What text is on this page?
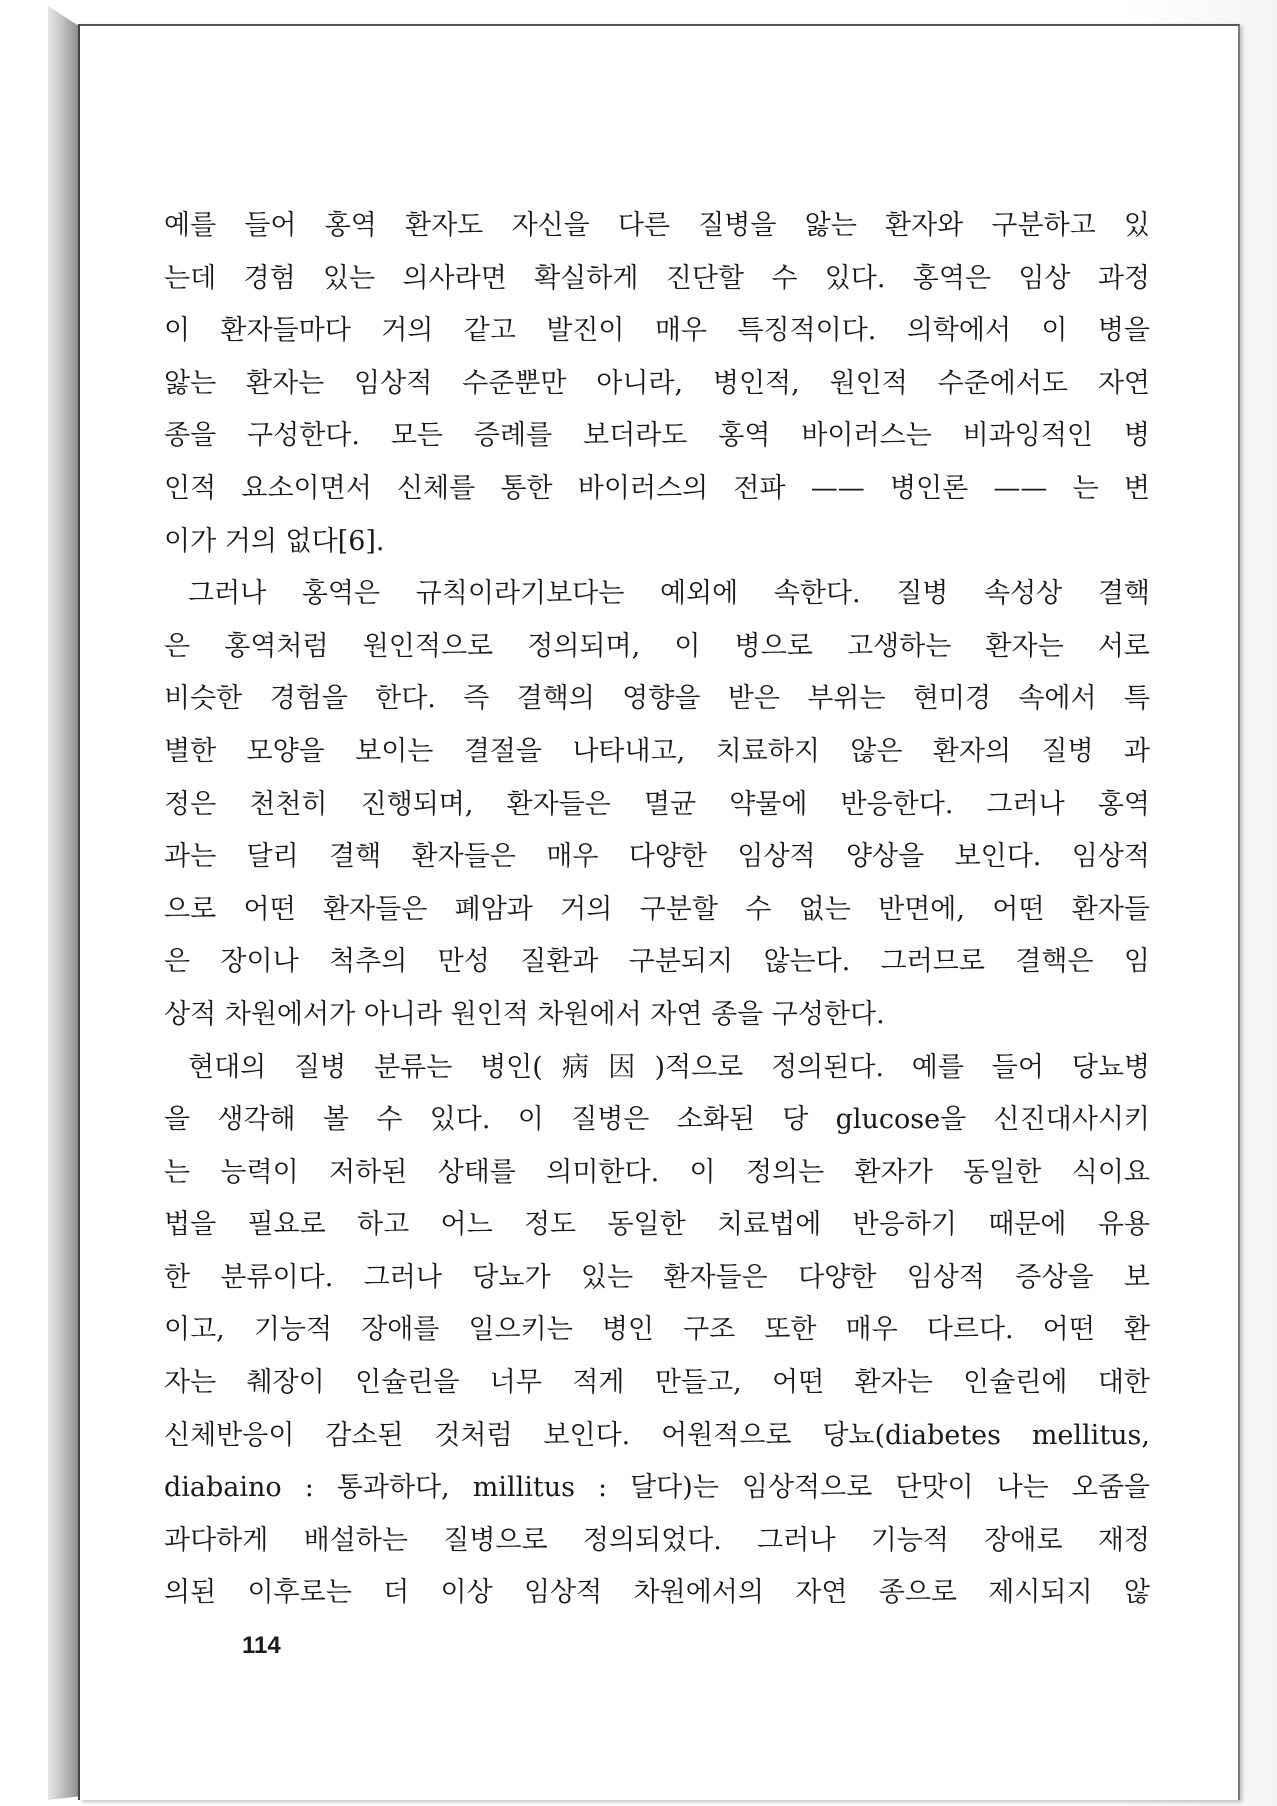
예를 들어 홍역 환자도 자신을 다른 질병을 앓는 환자와 구분하고 있
는데 경험 있는 의사라면 확실하게 진단할 수 있다. 홍역은 임상 과정
이 환자들마다 거의 같고 발진이 매우 특징적이다. 의학에서 이 병을
앓는 환자는 임상적 수준뿐만 아니라, 병인적, 원인적 수준에서도 자연
종을 구성한다. 모든 증례를 보더라도 홍역 바이러스는 비과잉적인 병
인적 요소이면서 신체를 통한 바이러스의 전파 —— 병인론 —— 는 변
이가 거의 없다[6].
그러나 홍역은 규칙이라기보다는 예외에 속한다. 질병 속성상 결핵
은 홍역처럼 원인적으로 정의되며, 이 병으로 고생하는 환자는 서로
비슷한 경험을 한다. 즉 결핵의 영향을 받은 부위는 현미경 속에서 특
별한 모양을 보이는 결절을 나타내고, 치료하지 않은 환자의 질병 과
정은 천천히 진행되며, 환자들은 멸균 약물에 반응한다. 그러나 홍역
과는 달리 결핵 환자들은 매우 다양한 임상적 양상을 보인다. 임상적
으로 어떤 환자들은 폐암과 거의 구분할 수 없는 반면에, 어떤 환자들
은 장이나 척추의 만성 질환과 구분되지 않는다. 그러므로 결핵은 임
상적 차원에서가 아니라 원인적 차원에서 자연 종을 구성한다.
현대의 질병 분류는 병인(病因)적으로 정의된다. 예를 들어 당뇨병
을 생각해 볼 수 있다. 이 질병은 소화된 당 glucose을 신진대사시키
는 능력이 저하된 상태를 의미한다. 이 정의는 환자가 동일한 식이요
법을 필요로 하고 어느 정도 동일한 치료법에 반응하기 때문에 유용
한 분류이다. 그러나 당뇨가 있는 환자들은 다양한 임상적 증상을 보
이고, 기능적 장애를 일으키는 병인 구조 또한 매우 다르다. 어떤 환
자는 췌장이 인슐린을 너무 적게 만들고, 어떤 환자는 인슐린에 대한
신체반응이 감소된 것처럼 보인다. 어원적으로 당뇨(diabetes mellitus,
diabaino : 통과하다, millitus : 달다)는 임상적으로 단맛이 나는 오줌을
과다하게 배설하는 질병으로 정의되었다. 그러나 기능적 장애로 재정
의된 이후로는 더 이상 임상적 차원에서의 자연 종으로 제시되지 않
114
